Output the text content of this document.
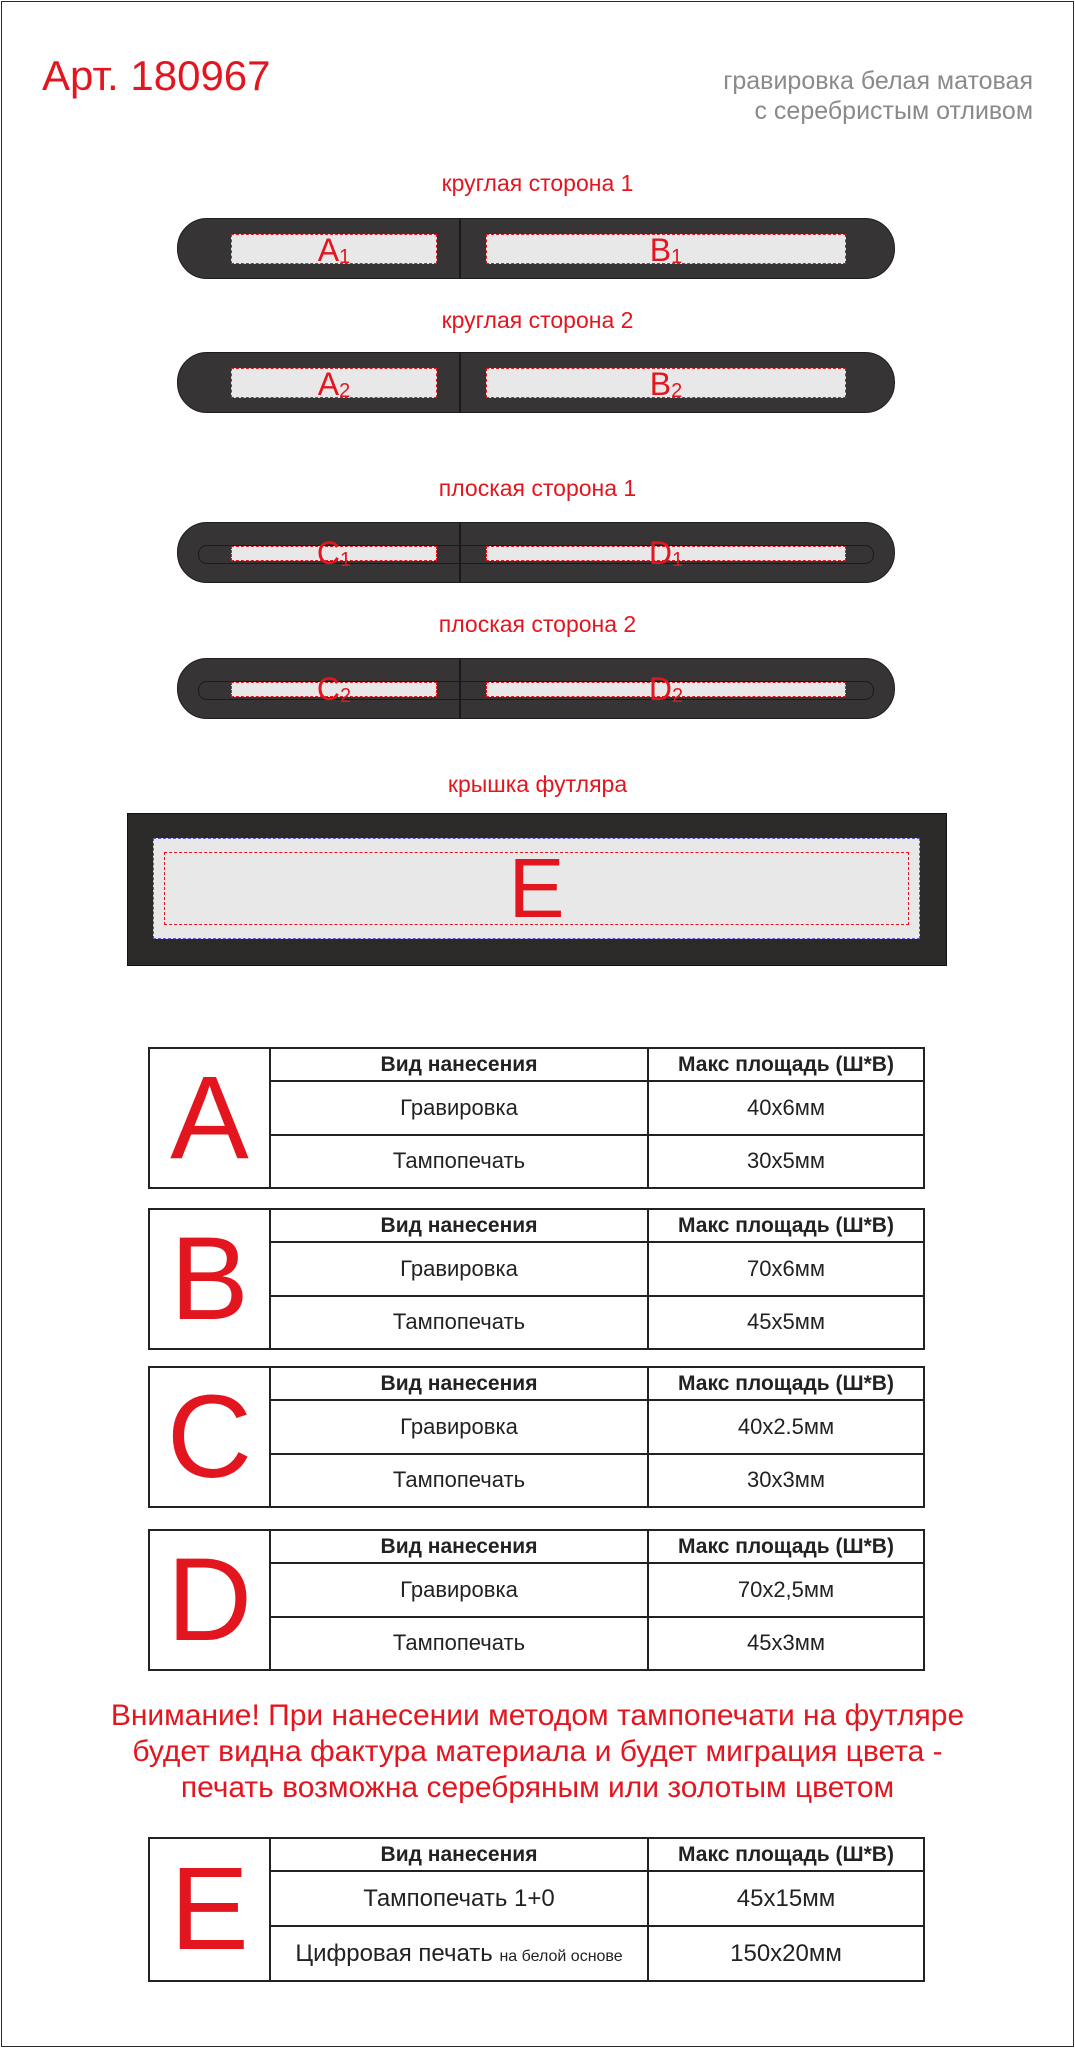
Арт. 180967	гравировка белая матовая
с серебристым отливом
круглая сторона 1
$A_1$	$B_1$
круглая сторона 2
$A_2$	$B_2$
плоская сторона 1
$C_1$	$D_1$
плоская сторона 2
$C_2$	$D_2$
крышка футляра
E
A	Вид нанесения	Макс площадь (Ш*В)
Гравировка	40х6мм
Тампопечать	30х5мм
B	Вид нанесения	Макс площадь (Ш*В)
Гравировка	70х6мм
Тампопечать	45х5мм
C	Вид нанесения	Макс площадь (Ш*В)
Гравировка	40х2.5мм
Тампопечать	30х3мм
D	Вид нанесения	Макс площадь (Ш*В)
Гравировка	70х2,5мм
Тампопечать	45х3мм
Внимание! При нанесении методом тампопечати на футляре
будет видна фактура материала и будет миграция цвета -
печать возможна серебряным или золотым цветом
E	Вид нанесения	Макс площадь (Ш*В)
Тампопечать 1+0	45х15мм
Цифровая печать на белой основе	150х20мм
